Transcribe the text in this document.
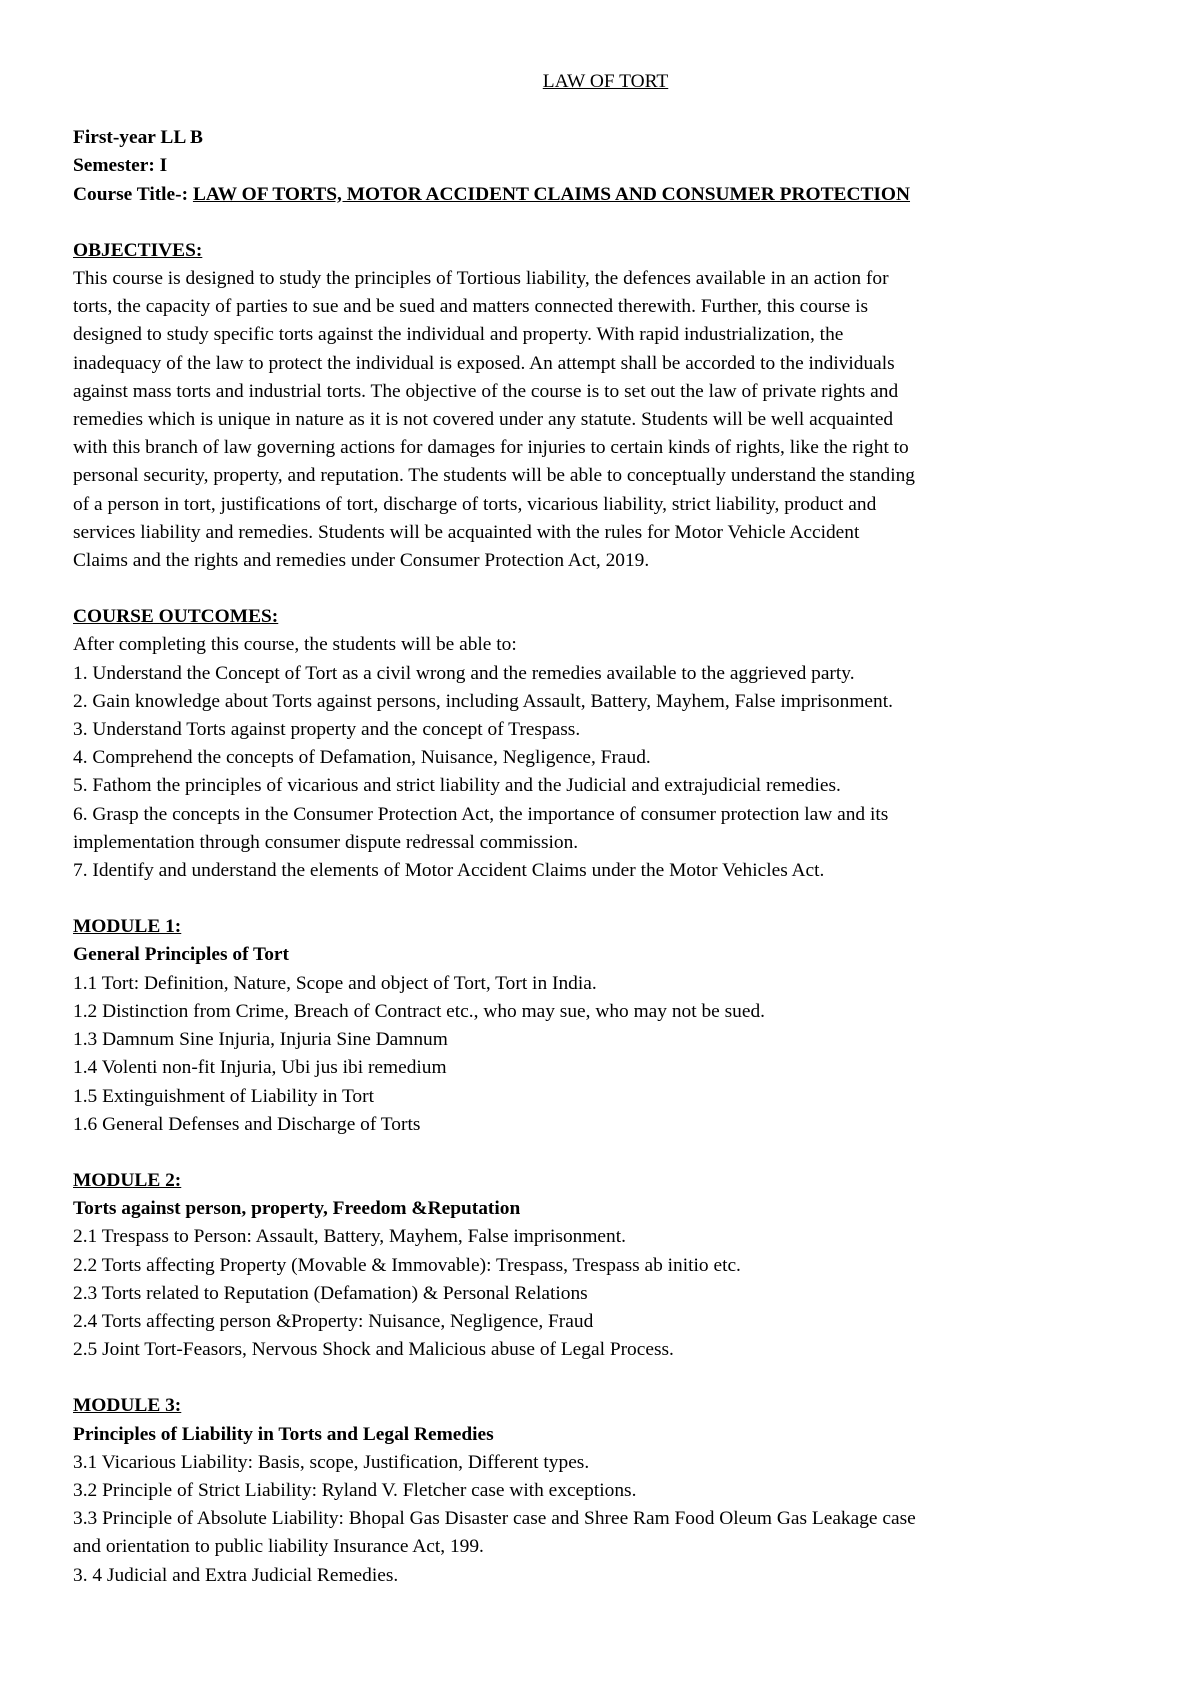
LAW OF TORT

First-year LL B

Semester: I

Course Title-: LAW OF TORTS, MOTOR ACCIDENT CLAIMS AND CONSUMER PROTECTION

OBJECTIVES:

This course is designed to study the principles of Tortious liability, the defences available in an action for

torts, the capacity of parties to sue and be sued and matters connected therewith. Further, this course is

designed to study specific torts against the individual and property. With rapid industrialization, the

inadequacy of the law to protect the individual is exposed. An attempt shall be accorded to the individuals

against mass torts and industrial torts. The objective of the course is to set out the law of private rights and

remedies which is unique in nature as it is not covered under any statute. Students will be well acquainted

with this branch of law governing actions for damages for injuries to certain kinds of rights, like the right to

personal security, property, and reputation. The students will be able to conceptually understand the standing

of a person in tort, justifications of tort, discharge of torts, vicarious liability, strict liability, product and

services liability and remedies. Students will be acquainted with the rules for Motor Vehicle Accident

Claims and the rights and remedies under Consumer Protection Act, 2019.

COURSE OUTCOMES:

After completing this course, the students will be able to:

1. Understand the Concept of Tort as a civil wrong and the remedies available to the aggrieved party.

2. Gain knowledge about Torts against persons, including Assault, Battery, Mayhem, False imprisonment.

3. Understand Torts against property and the concept of Trespass.

4. Comprehend the concepts of Defamation, Nuisance, Negligence, Fraud.

5. Fathom the principles of vicarious and strict liability and the Judicial and extrajudicial remedies.

6. Grasp the concepts in the Consumer Protection Act, the importance of consumer protection law and its

implementation through consumer dispute redressal commission.

7. Identify and understand the elements of Motor Accident Claims under the Motor Vehicles Act.

MODULE 1:

General Principles of Tort

1.1 Tort: Definition, Nature, Scope and object of Tort, Tort in India.

1.2 Distinction from Crime, Breach of Contract etc., who may sue, who may not be sued.

1.3 Damnum Sine Injuria, Injuria Sine Damnum

1.4 Volenti non-fit Injuria, Ubi jus ibi remedium

1.5 Extinguishment of Liability in Tort

1.6 General Defenses and Discharge of Torts

MODULE 2:

Torts against person, property, Freedom &Reputation

2.1 Trespass to Person: Assault, Battery, Mayhem, False imprisonment.

2.2 Torts affecting Property (Movable & Immovable): Trespass, Trespass ab initio etc.

2.3 Torts related to Reputation (Defamation) & Personal Relations

2.4 Torts affecting person &Property: Nuisance, Negligence, Fraud

2.5 Joint Tort-Feasors, Nervous Shock and Malicious abuse of Legal Process.

MODULE 3:

Principles of Liability in Torts and Legal Remedies

3.1 Vicarious Liability: Basis, scope, Justification, Different types.

3.2 Principle of Strict Liability: Ryland V. Fletcher case with exceptions.

3.3 Principle of Absolute Liability: Bhopal Gas Disaster case and Shree Ram Food Oleum Gas Leakage case

and orientation to public liability Insurance Act, 199.

3. 4 Judicial and Extra Judicial Remedies.
